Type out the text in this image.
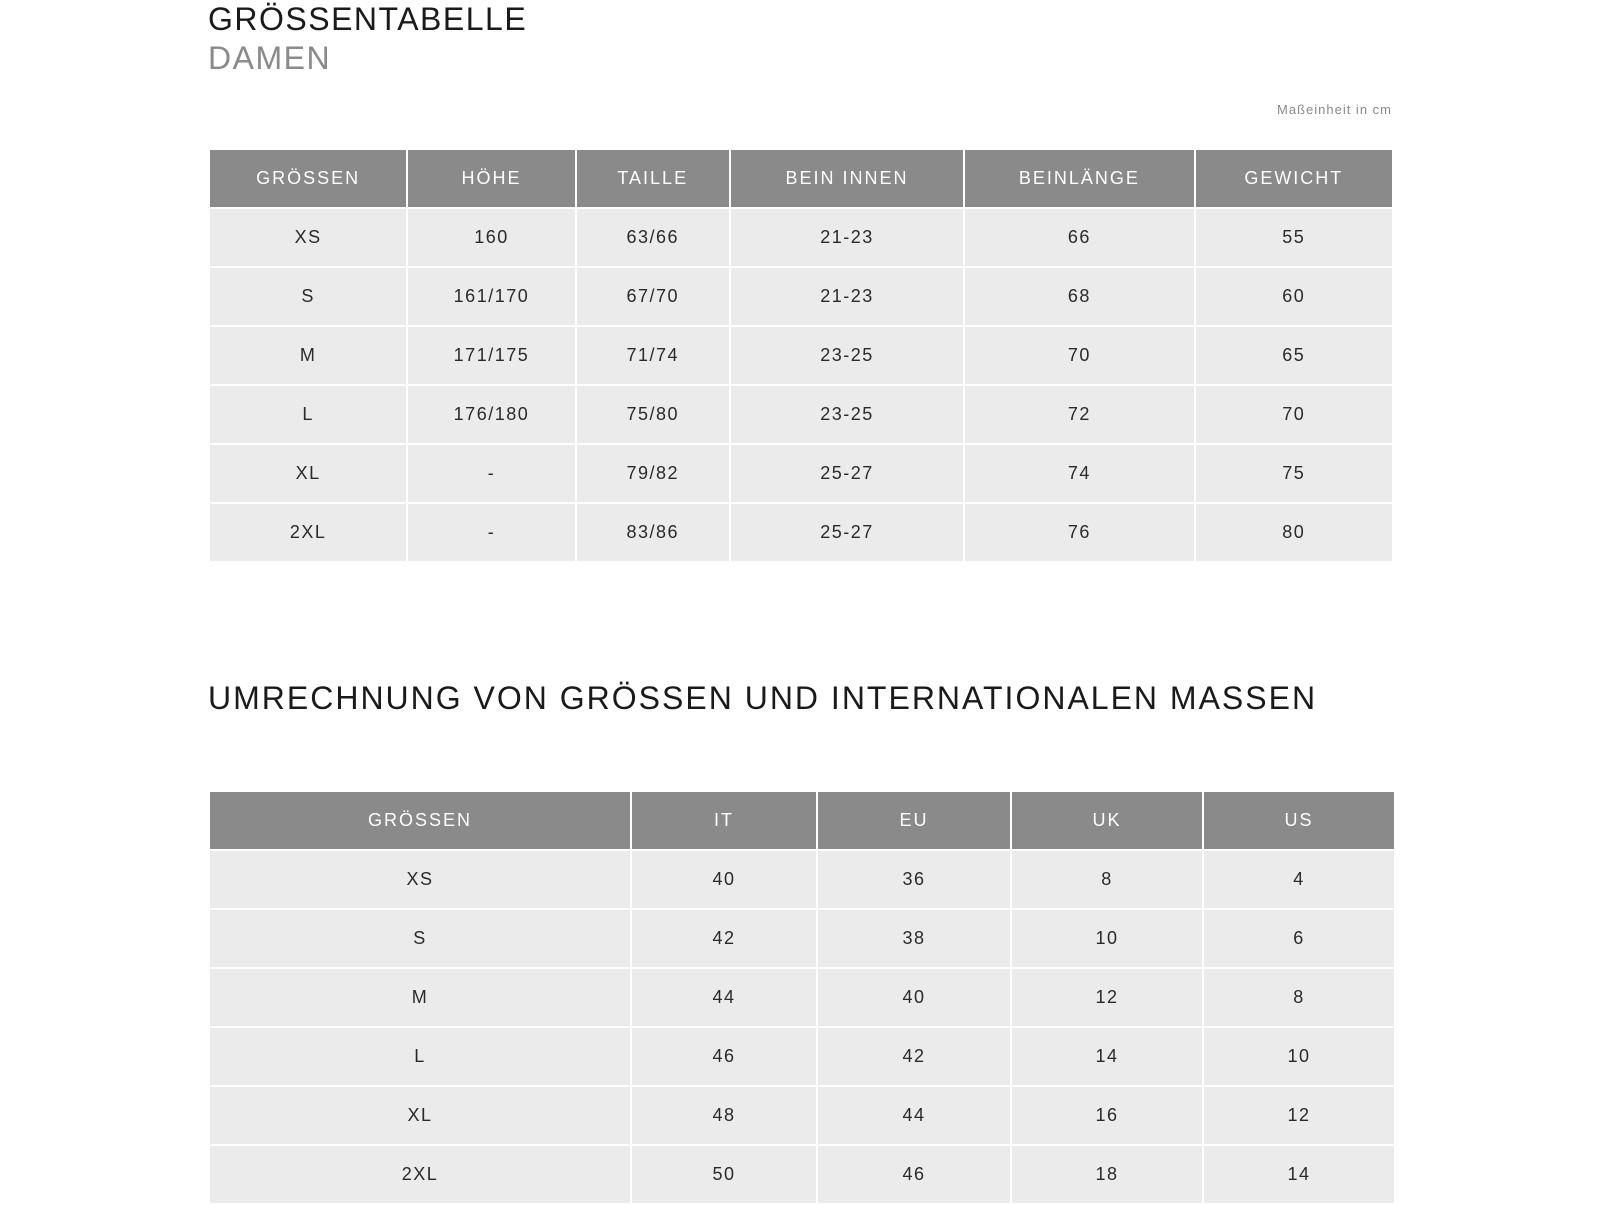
GRÖSSENTABELLE
DAMEN
Maßeinheit in cm
GRÖSSEN	HÖHE	TAILLE	BEIN INNEN	BEINLÄNGE	GEWICHT
XS	160	63/66	21-23	66	55
S	161/170	67/70	21-23	68	60
M	171/175	71/74	23-25	70	65
L	176/180	75/80	23-25	72	70
XL	-	79/82	25-27	74	75
2XL	-	83/86	25-27	76	80
UMRECHNUNG VON GRÖSSEN UND INTERNATIONALEN MASSEN
GRÖSSEN	IT	EU	UK	US
XS	40	36	8	4
S	42	38	10	6
M	44	40	12	8
L	46	42	14	10
XL	48	44	16	12
2XL	50	46	18	14
